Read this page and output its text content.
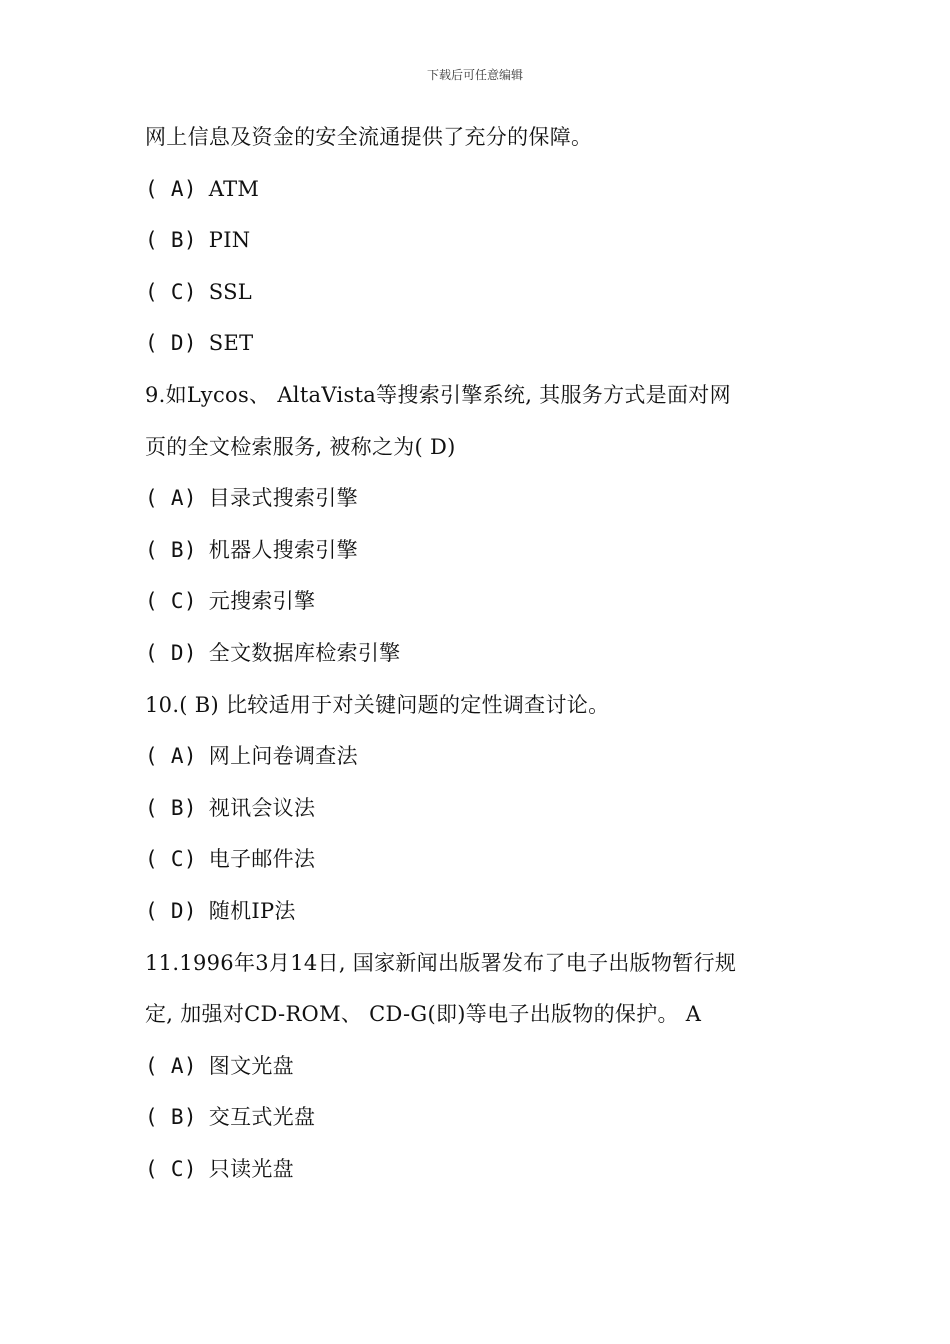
下载后可任意编辑
网上信息及资金的安全流通提供了充分的保障。
( A) ATM
( B) PIN
( C) SSL
( D) SET
9.如Lycos、 AltaVista等搜索引擎系统, 其服务方式是面对网
页的全文检索服务, 被称之为( D)
( A) 目录式搜索引擎
( B) 机器人搜索引擎
( C) 元搜索引擎
( D) 全文数据库检索引擎
10.( B) 比较适用于对关键问题的定性调查讨论。
( A) 网上问卷调查法
( B) 视讯会议法
( C) 电子邮件法
( D) 随机IP法
11.1996年3月14日, 国家新闻出版署发布了电子出版物暂行规
定, 加强对CD-ROM、 CD-G(即)等电子出版物的保护。 A
( A) 图文光盘
( B) 交互式光盘
( C) 只读光盘
